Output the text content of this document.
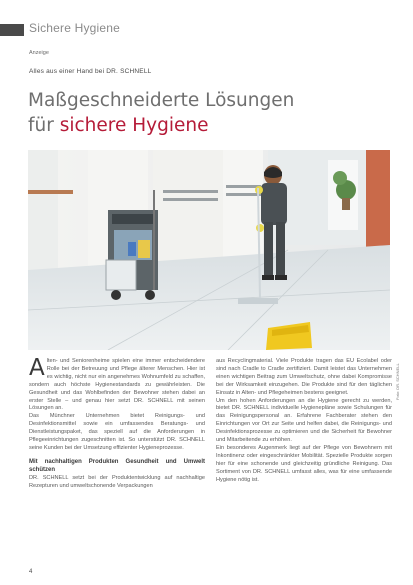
Sichere Hygiene
Anzeige
Alles aus einer Hand bei DR. SCHNELL
Maßgeschneiderte Lösungen
für sichere Hygiene
Foto: DR. SCHNELL

Alten- und Seniorenheime spielen eine immer entscheidendere Rolle bei der Betreuung und Pflege älterer Menschen. Hier ist es wichtig, nicht nur ein angenehmes Wohnumfeld zu schaffen, sondern auch höchste Hygienestandards zu gewährleisten. Die Gesundheit und das Wohlbefinden der Bewohner stehen dabei an erster Stelle – und genau hier setzt DR. SCHNELL mit seinen Lösungen an.

Das Münchner Unternehmen bietet Reinigungs- und Desinfektionsmittel sowie ein umfassendes Beratungs- und Dienstleistungspaket, das speziell auf die Anforderungen in Pflegeeinrichtungen zugeschnitten ist. So unterstützt DR. SCHNELL seine Kunden bei der Umsetzung effizienter Hygieneprozesse.

Mit nachhaltigen Produkten Gesundheit und Umwelt schützen

DR. SCHNELL setzt bei der Produktentwicklung auf nachhaltige Rezepturen und umweltschonende Verpackungen

aus Recyclingmaterial. Viele Produkte tragen das EU Ecolabel oder sind nach Cradle to Cradle zertifiziert. Damit leistet das Unternehmen einen wichtigen Beitrag zum Umweltschutz, ohne dabei Kompromisse bei der Wirksamkeit einzugehen. Die Produkte sind für den täglichen Einsatz in Alten- und Pflegeheimen bestens geeignet.

Um den hohen Anforderungen an die Hygiene gerecht zu werden, bietet DR. SCHNELL individuelle Hygienepläne sowie Schulungen für das Reinigungspersonal an. Erfahrene Fachberater stehen den Einrichtungen vor Ort zur Seite und helfen dabei, die Reinigungs- und Desinfektionsprozesse zu optimieren und die Sicherheit für Bewohner und Mitarbeitende zu erhöhen.

Ein besonderes Augenmerk liegt auf der Pflege von Bewohnern mit Inkontinenz oder eingeschränkter Mobilität. Spezielle Produkte sorgen hier für eine schonende und gleichzeitig gründliche Reinigung. Das Sortiment von DR. SCHNELL umfasst alles, was für eine umfassende Hygiene nötig ist.

4
